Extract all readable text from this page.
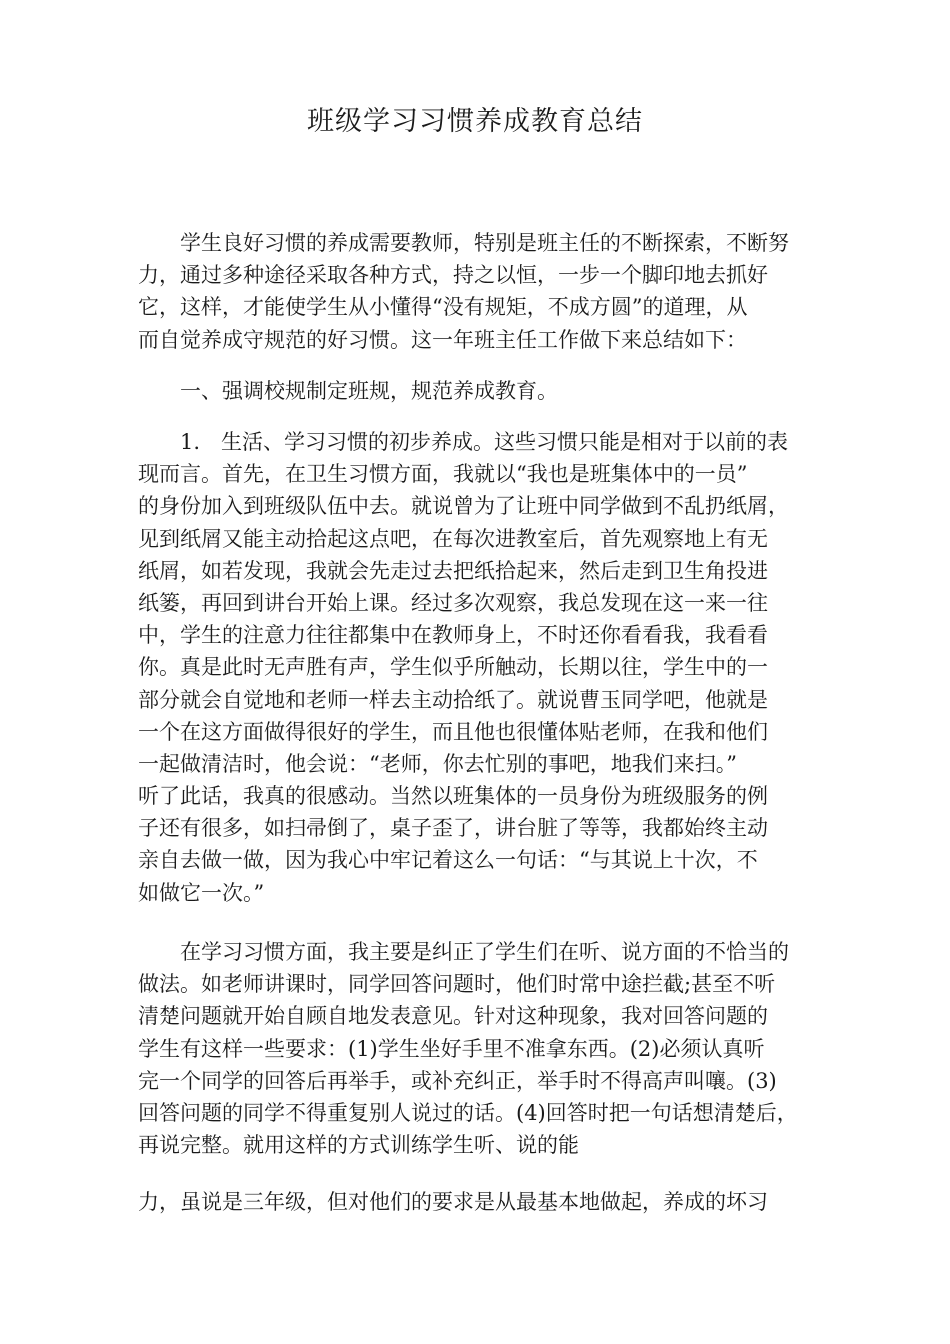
班级学习习惯养成教育总结
　　学生良好习惯的养成需要教师，特别是班主任的不断探索，不断努
力，通过多种途径采取各种方式，持之以恒，一步一个脚印地去抓好
它，这样，才能使学生从小懂得“没有规矩，不成方圆”的道理，从
而自觉养成守规范的好习惯。这一年班主任工作做下来总结如下：
　　一、强调校规制定班规，规范养成教育。
　　1.　生活、学习习惯的初步养成。这些习惯只能是相对于以前的表
现而言。首先，在卫生习惯方面，我就以“我也是班集体中的一员”
的身份加入到班级队伍中去。就说曾为了让班中同学做到不乱扔纸屑，
见到纸屑又能主动拾起这点吧，在每次进教室后，首先观察地上有无
纸屑，如若发现，我就会先走过去把纸拾起来，然后走到卫生角投进
纸篓，再回到讲台开始上课。经过多次观察，我总发现在这一来一往
中，学生的注意力往往都集中在教师身上，不时还你看看我，我看看
你。真是此时无声胜有声，学生似乎所触动，长期以往，学生中的一
部分就会自觉地和老师一样去主动拾纸了。就说曹玉同学吧，他就是
一个在这方面做得很好的学生，而且他也很懂体贴老师，在我和他们
一起做清洁时，他会说：“老师，你去忙别的事吧，地我们来扫。”
听了此话，我真的很感动。当然以班集体的一员身份为班级服务的例
子还有很多，如扫帚倒了，桌子歪了，讲台脏了等等，我都始终主动
亲自去做一做，因为我心中牢记着这么一句话：“与其说上十次，不
如做它一次。”
　　在学习习惯方面，我主要是纠正了学生们在听、说方面的不恰当的
做法。如老师讲课时，同学回答问题时，他们时常中途拦截;甚至不听
清楚问题就开始自顾自地发表意见。针对这种现象，我对回答问题的
学生有这样一些要求：(1)学生坐好手里不准拿东西。(2)必须认真听
完一个同学的回答后再举手，或补充纠正，举手时不得高声叫嚷。(3)
回答问题的同学不得重复别人说过的话。(4)回答时把一句话想清楚后，
再说完整。就用这样的方式训练学生听、说的能
力，虽说是三年级，但对他们的要求是从最基本地做起，养成的坏习
